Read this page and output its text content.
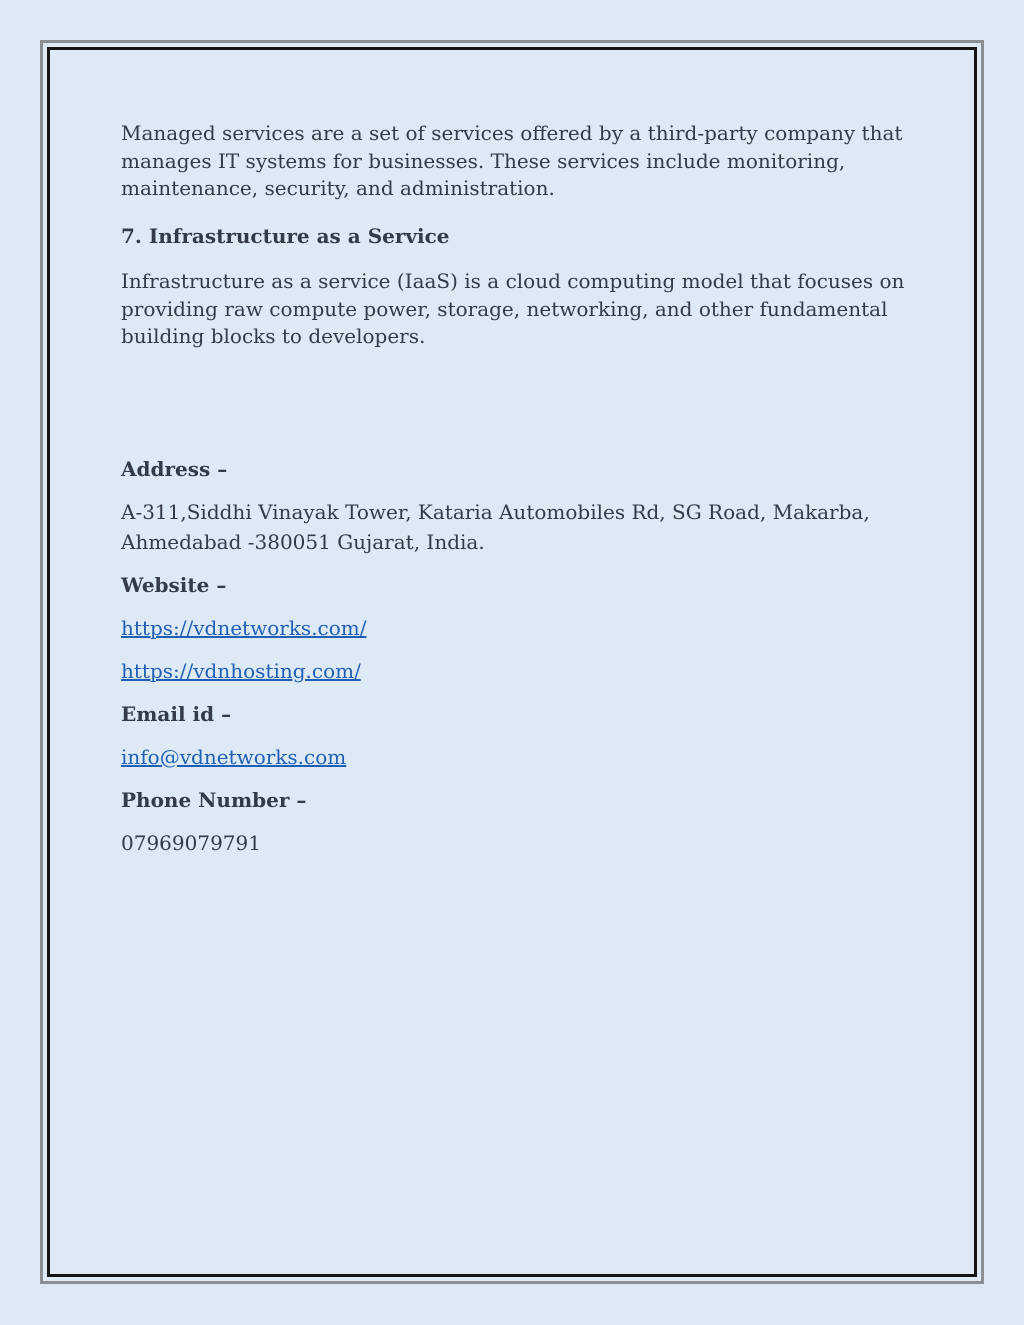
Managed services are a set of services offered by a third-party company that manages IT systems for businesses. These services include monitoring, maintenance, security, and administration.

7. Infrastructure as a Service

Infrastructure as a service (IaaS) is a cloud computing model that focuses on providing raw compute power, storage, networking, and other fundamental building blocks to developers.

Address –

A-311,Siddhi Vinayak Tower, Kataria Automobiles Rd, SG Road, Makarba,

Ahmedabad -380051 Gujarat, India.

Website –

https://vdnetworks.com/

https://vdnhosting.com/

Email id –

info@vdnetworks.com

Phone Number –

07969079791
